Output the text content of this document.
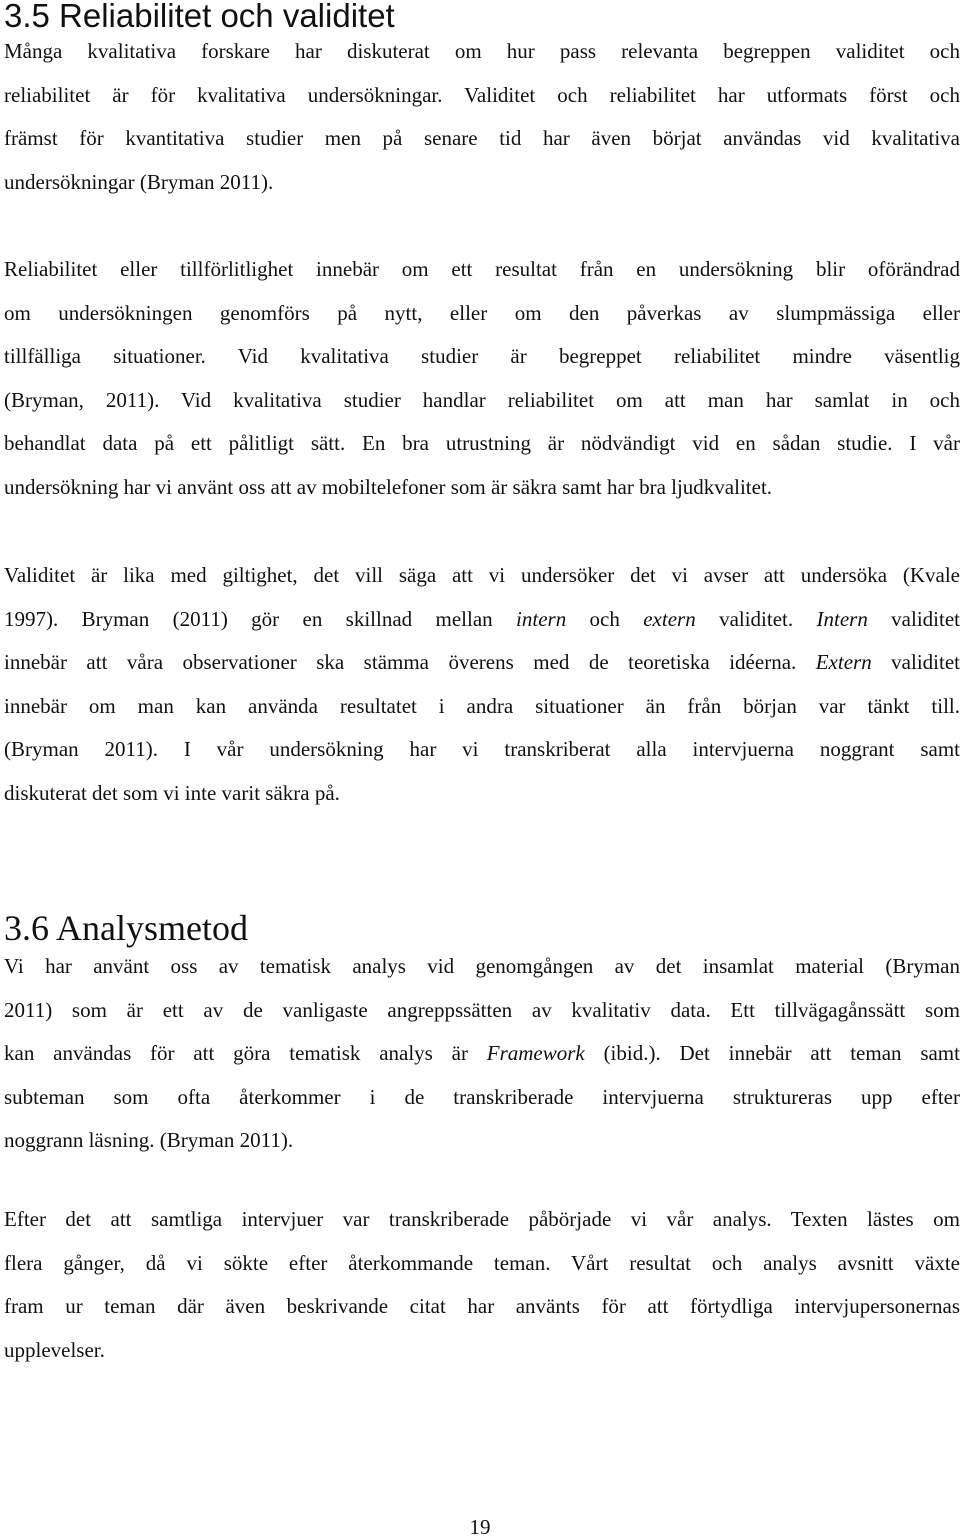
3.5 Reliabilitet och validitet
Många kvalitativa forskare har diskuterat om hur pass relevanta begreppen validitet och
reliabilitet är för kvalitativa undersökningar. Validitet och reliabilitet har utformats först och
främst för kvantitativa studier men på senare tid har även börjat användas vid kvalitativa
undersökningar (Bryman 2011).
Reliabilitet eller tillförlitlighet innebär om ett resultat från en undersökning blir oförändrad
om undersökningen genomförs på nytt, eller om den påverkas av slumpmässiga eller
tillfälliga situationer. Vid kvalitativa studier är begreppet reliabilitet mindre väsentlig
(Bryman, 2011). Vid kvalitativa studier handlar reliabilitet om att man har samlat in och
behandlat data på ett pålitligt sätt. En bra utrustning är nödvändigt vid en sådan studie. I vår
undersökning har vi använt oss att av mobiltelefoner som är säkra samt har bra ljudkvalitet.
Validitet är lika med giltighet, det vill säga att vi undersöker det vi avser att undersöka (Kvale
1997). Bryman (2011) gör en skillnad mellan intern och extern validitet. Intern validitet
innebär att våra observationer ska stämma överens med de teoretiska idéerna. Extern validitet
innebär om man kan använda resultatet i andra situationer än från början var tänkt till.
(Bryman 2011). I vår undersökning har vi transkriberat alla intervjuerna noggrant samt
diskuterat det som vi inte varit säkra på.
3.6 Analysmetod
Vi har använt oss av tematisk analys vid genomgången av det insamlat material (Bryman
2011) som är ett av de vanligaste angreppssätten av kvalitativ data. Ett tillvägagånssätt som
kan användas för att göra tematisk analys är Framework (ibid.). Det innebär att teman samt
subteman som ofta återkommer i de transkriberade intervjuerna struktureras upp efter
noggrann läsning. (Bryman 2011).
Efter det att samtliga intervjuer var transkriberade påbörjade vi vår analys. Texten lästes om
flera gånger, då vi sökte efter återkommande teman. Vårt resultat och analys avsnitt växte
fram ur teman där även beskrivande citat har använts för att förtydliga intervjupersonernas
upplevelser.
19
